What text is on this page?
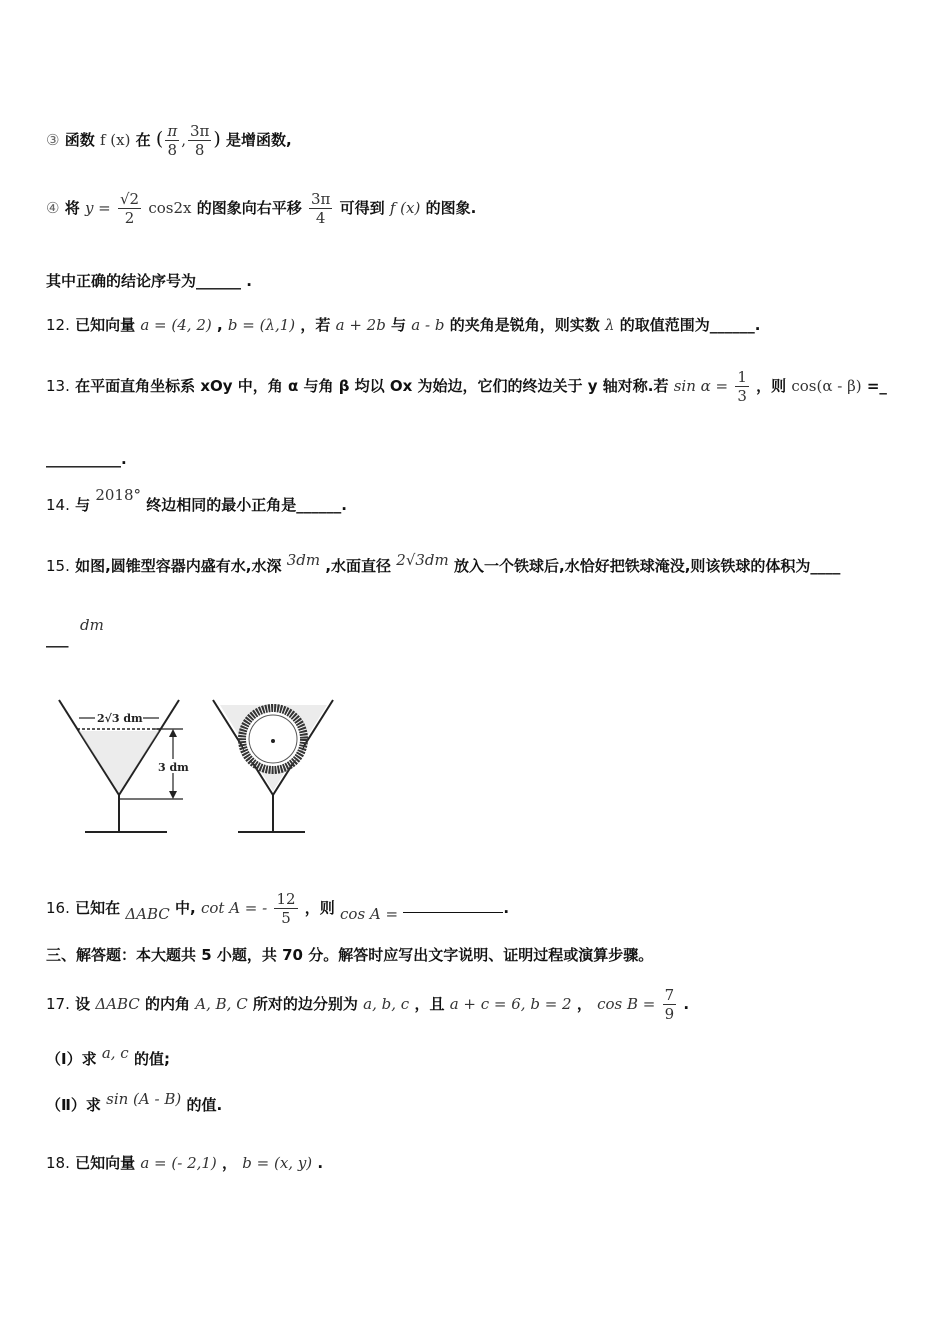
③ 函数 f (x) 在 ( $\frac{\pi}{8}$ , $\frac{3\pi}{8}$ ) 是增函数,
④ 将 $y = \frac{√2}{2} \cos 2x$ 的图象向右平移 $\frac{3\pi}{4}$ 可得到 f (x) 的图象.
其中正确的结论序号为______ .
12. 已知向量 a = (4, 2) , b = (λ,1) ，若 a + 2b 与 a - b 的夹角是锐角，则实数 λ 的取值范围为______.
13. 在平面直角坐标系 xOy 中，角 α 与角 β 均以 Ox 为始边，它们的终边关于 y 轴对称.若 $\sin \alpha = \frac{1}{3}$ ，则 cos(α - β) =_
__________.
14. 与 2018° 终边相同的最小正角是______.
15. 如图,圆锥型容器内盛有水,水深 3dm ,水面直径 2√3dm 放入一个铁球后,水恰好把铁球淹没,则该铁球的体积为____
dm
___
2√3 dm
3 dm
16. 已知在 ΔABC 中, cot A = - $\frac{12}{5}$ ，则 cos A =	.
三、解答题：本大题共 5 小题，共 70 分。解答时应写出文字说明、证明过程或演算步骤。
17. 设 ΔABC 的内角 A, B, C 所对的边分别为 a, b, c ，且 a + c = 6, b = 2 ， $\cos B = \frac{7}{9}$ .
（Ⅰ）求 a, c 的值;
（Ⅱ）求 sin (A - B) 的值.
18. 已知向量 a = (- 2,1) ， b = (x, y) .
